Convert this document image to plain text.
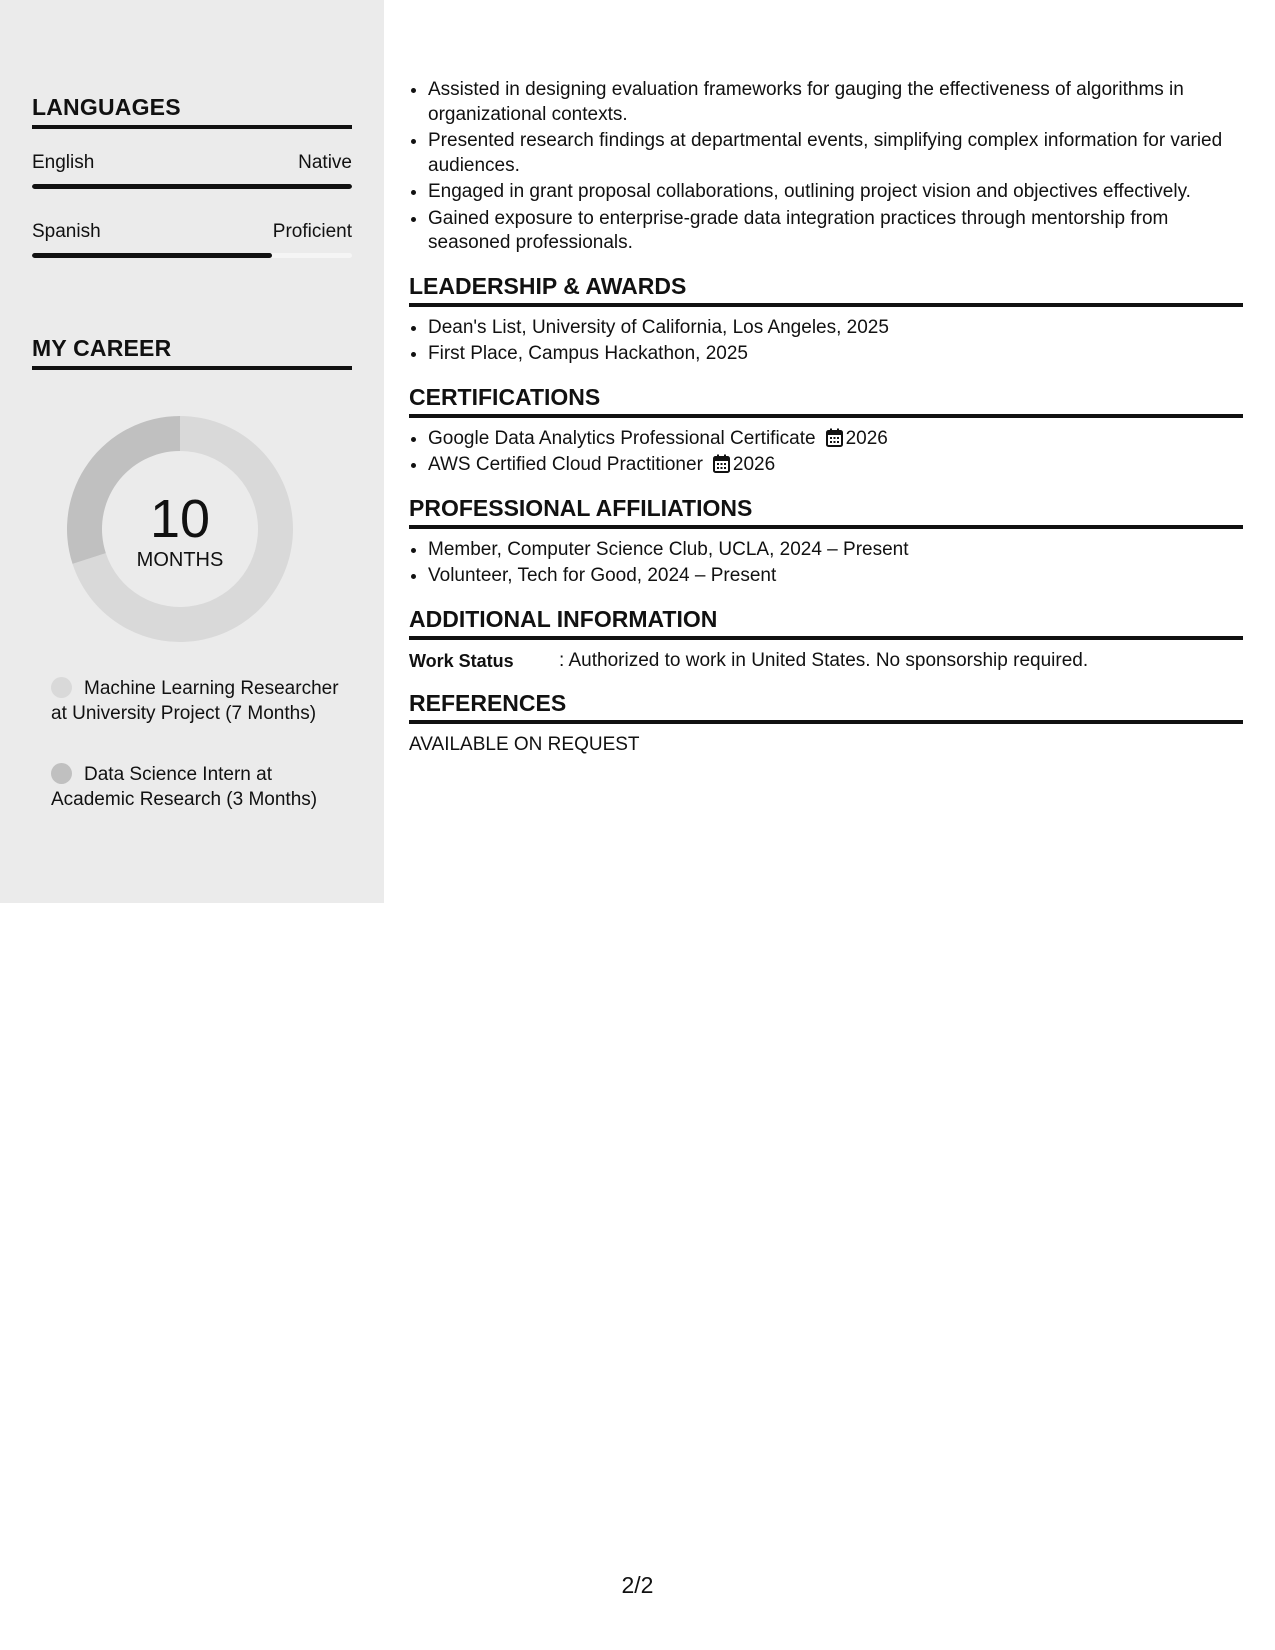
LANGUAGES
English	Native
Spanish	Proficient
MY CAREER
10
MONTHS
Machine Learning Researcher at University Project (7 Months)
Data Science Intern at Academic Research (3 Months)
• Assisted in designing evaluation frameworks for gauging the effectiveness of algorithms in organizational contexts.
• Presented research findings at departmental events, simplifying complex information for varied audiences.
• Engaged in grant proposal collaborations, outlining project vision and objectives effectively.
• Gained exposure to enterprise-grade data integration practices through mentorship from seasoned professionals.
LEADERSHIP & AWARDS
• Dean's List, University of California, Los Angeles, 2025
• First Place, Campus Hackathon, 2025
CERTIFICATIONS
• Google Data Analytics Professional Certificate 2026
• AWS Certified Cloud Practitioner 2026
PROFESSIONAL AFFILIATIONS
• Member, Computer Science Club, UCLA, 2024 – Present
• Volunteer, Tech for Good, 2024 – Present
ADDITIONAL INFORMATION
Work Status	: Authorized to work in United States. No sponsorship required.
REFERENCES
AVAILABLE ON REQUEST
2/2
